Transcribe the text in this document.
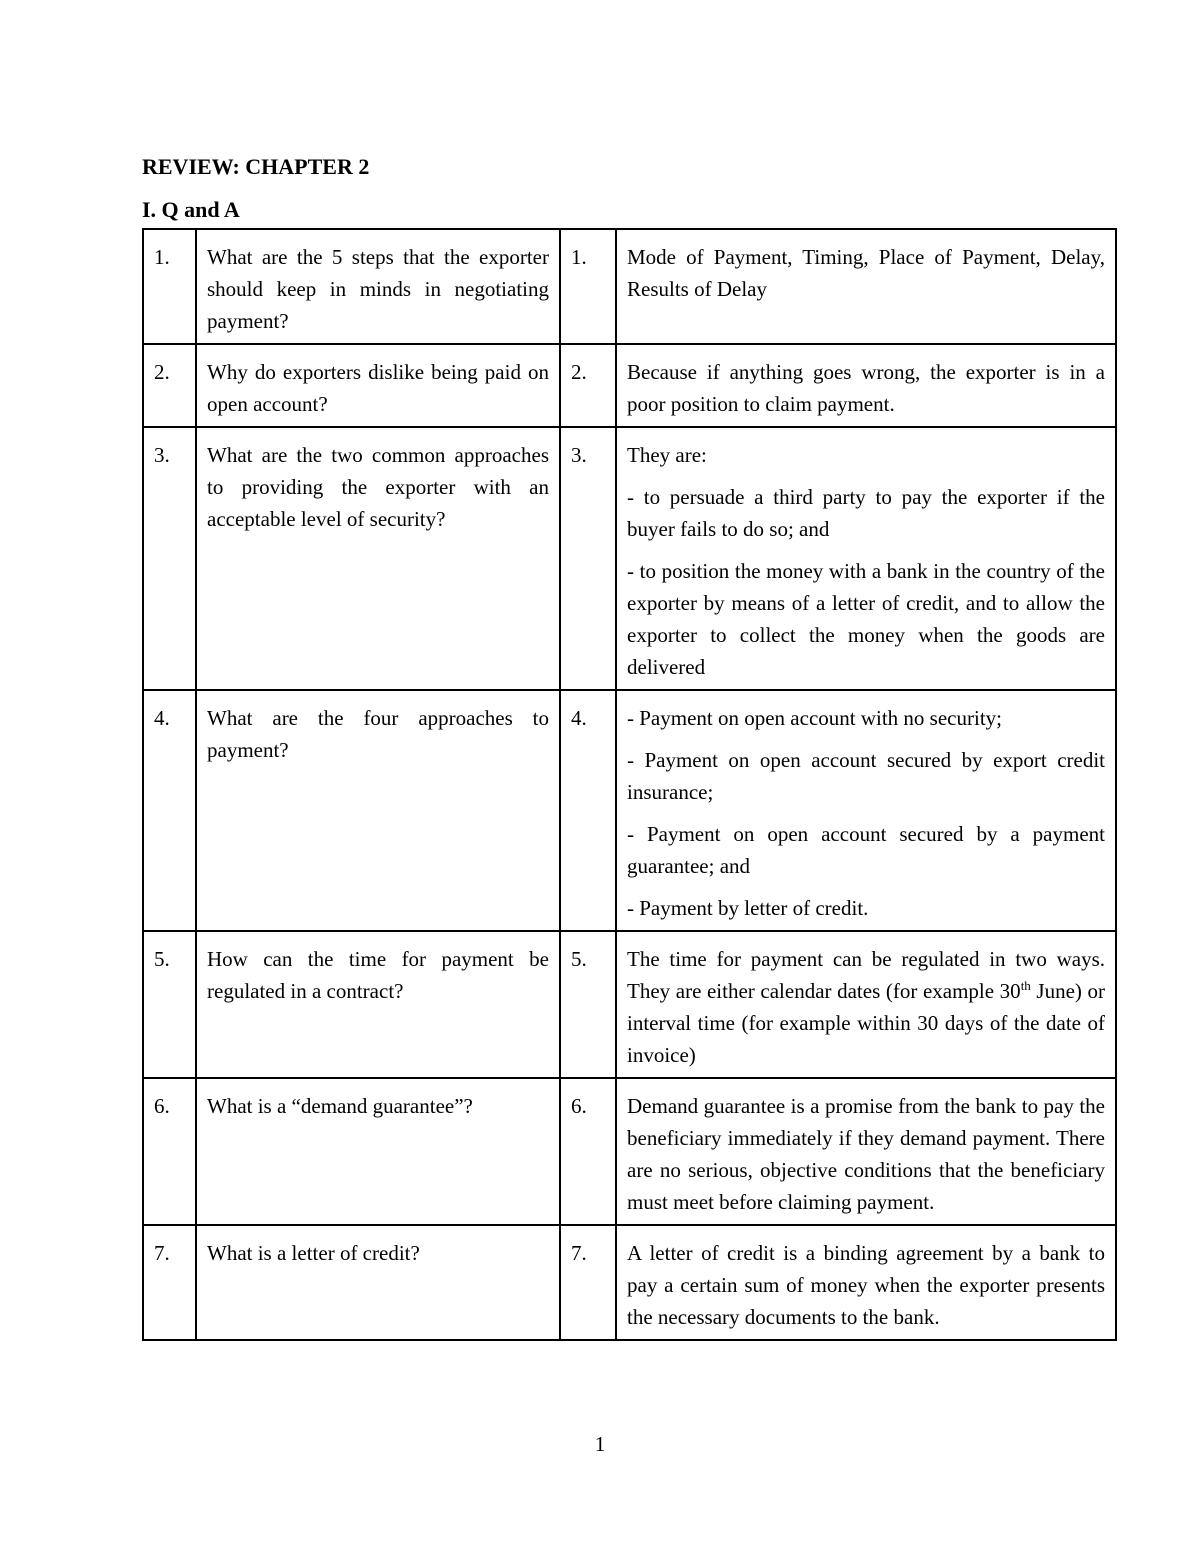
REVIEW: CHAPTER 2
I. Q and A
1.	What are the 5 steps that the exporter should keep in minds in negotiating payment?	1.	Mode of Payment, Timing, Place of Payment, Delay, Results of Delay

2.	Why do exporters dislike being paid on open account?	2.	Because if anything goes wrong, the exporter is in a poor position to claim payment.

3.	What are the two common approaches to providing the exporter with an acceptable level of security?	3.	They are:
- to persuade a third party to pay the exporter if the buyer fails to do so; and
- to position the money with a bank in the country of the exporter by means of a letter of credit, and to allow the exporter to collect the money when the goods are delivered

4.	What are the four approaches to payment?	4.	- Payment on open account with no security;
- Payment on open account secured by export credit insurance;
- Payment on open account secured by a payment guarantee; and
- Payment by letter of credit.

5.	How can the time for payment be regulated in a contract?	5.	The time for payment can be regulated in two ways. They are either calendar dates (for example 30th June) or interval time (for example within 30 days of the date of invoice)

6.	What is a “demand guarantee”?	6.	Demand guarantee is a promise from the bank to pay the beneficiary immediately if they demand payment. There are no serious, objective conditions that the beneficiary must meet before claiming payment.

7.	What is a letter of credit?	7.	A letter of credit is a binding agreement by a bank to pay a certain sum of money when the exporter presents the necessary documents to the bank.
1
